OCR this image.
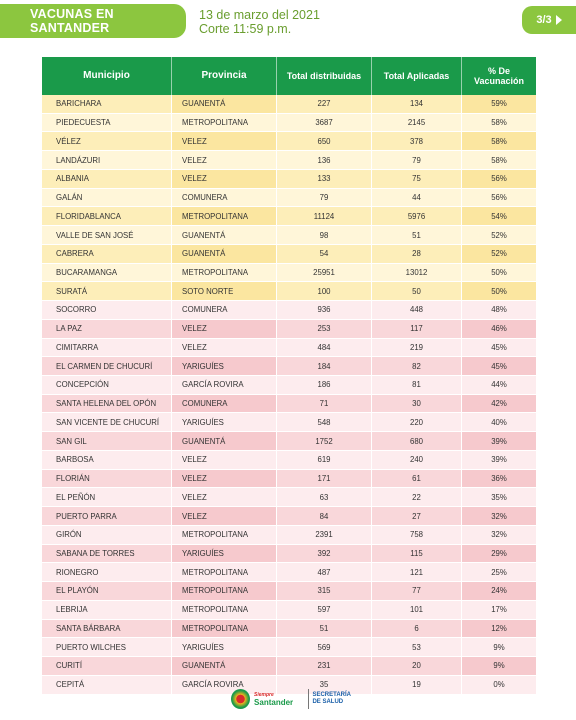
VACUNAS EN SANTANDER
13 de marzo del 2021
Corte 11:59 p.m.
3/3
Municipio	Provincia	Total distribuidas	Total Aplicadas	% De Vacunación
BARICHARA	GUANENTÁ	227	134	59%
PIEDECUESTA	METROPOLITANA	3687	2145	58%
VÉLEZ	VELEZ	650	378	58%
LANDÁZURI	VELEZ	136	79	58%
ALBANIA	VELEZ	133	75	56%
GALÁN	COMUNERA	79	44	56%
FLORIDABLANCA	METROPOLITANA	11124	5976	54%
VALLE DE SAN JOSÉ	GUANENTÁ	98	51	52%
CABRERA	GUANENTÁ	54	28	52%
BUCARAMANGA	METROPOLITANA	25951	13012	50%
SURATÁ	SOTO NORTE	100	50	50%
SOCORRO	COMUNERA	936	448	48%
LA PAZ	VELEZ	253	117	46%
CIMITARRA	VELEZ	484	219	45%
EL CARMEN DE CHUCURÍ	YARIGUÍES	184	82	45%
CONCEPCIÓN	GARCÍA ROVIRA	186	81	44%
SANTA HELENA DEL OPÓN	COMUNERA	71	30	42%
SAN VICENTE DE CHUCURÍ	YARIGUÍES	548	220	40%
SAN GIL	GUANENTÁ	1752	680	39%
BARBOSA	VELEZ	619	240	39%
FLORIÁN	VELEZ	171	61	36%
EL PEÑÓN	VELEZ	63	22	35%
PUERTO PARRA	VELEZ	84	27	32%
GIRÓN	METROPOLITANA	2391	758	32%
SABANA DE TORRES	YARIGUÍES	392	115	29%
RIONEGRO	METROPOLITANA	487	121	25%
EL PLAYÓN	METROPOLITANA	315	77	24%
LEBRIJA	METROPOLITANA	597	101	17%
SANTA BÁRBARA	METROPOLITANA	51	6	12%
PUERTO WILCHES	YARIGUÍES	569	53	9%
CURITÍ	GUANENTÁ	231	20	9%
CEPITÁ	GARCÍA ROVIRA	35	19	0%
Siempre
Santander
SECRETARÍA
DE SALUD
